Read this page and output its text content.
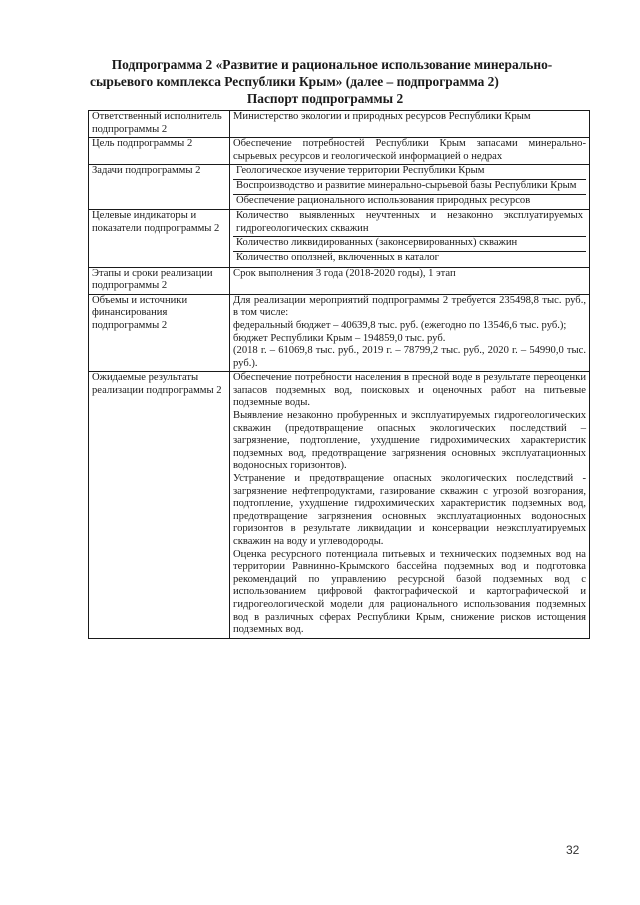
Подпрограмма 2 «Развитие и рациональное использование минерально-
сырьевого комплекса Республики Крым» (далее – подпрограмма 2)
Паспорт подпрограммы 2
Ответственный исполнитель подпрограммы 2	Министерство экологии и природных ресурсов Республики Крым
Цель подпрограммы 2	Обеспечение потребностей Республики Крым запасами минерально-сырьевых ресурсов и геологической информацией о недрах
Задачи подпрограммы 2	Геологическое изучение территории Республики Крым
Воспроизводство и развитие минерально-сырьевой базы Республики Крым
Обеспечение рационального использования природных ресурсов

Целевые индикаторы и показатели подпрограммы 2	Количество выявленных неучтенных и незаконно эксплуатируемых гидрогеологических скважин
Количество ликвидированных (законсервированных) скважин
Количество оползней, включенных в каталог

Этапы и сроки реализации подпрограммы 2	Срок выполнения 3 года (2018-2020 годы), 1 этап
Объемы и источники финансирования подпрограммы 2	Для реализации мероприятий подпрограммы 2 требуется 235498,8 тыс. руб., в том числе:

федеральный бюджет – 40639,8 тыс. руб. (ежегодно по 13546,6 тыс. руб.);

бюджет Республики Крым – 194859,0 тыс. руб.

(2018 г. – 61069,8 тыс. руб., 2019 г. – 78799,2 тыс. руб., 2020 г. – 54990,0 тыс. руб.).

Ожидаемые результаты реализации подпрограммы 2	Обеспечение потребности населения в пресной воде в результате переоценки запасов подземных вод, поисковых и оценочных работ на питьевые подземные воды.

Выявление незаконно пробуренных и эксплуатируемых гидрогеологических скважин (предотвращение опасных экологических последствий – загрязнение, подтопление, ухудшение гидрохимических характеристик подземных вод, предотвращение загрязнения основных эксплуатационных водоносных горизонтов).

Устранение и предотвращение опасных экологических последствий - загрязнение нефтепродуктами, газирование скважин с угрозой возгорания, подтопление, ухудшение гидрохимических характеристик подземных вод, предотвращение загрязнения основных эксплуатационных водоносных горизонтов в результате ликвидации и консервации неэксплуатируемых скважин на воду и углеводороды.

Оценка ресурсного потенциала питьевых и технических подземных вод на территории Равнинно-Крымского бассейна подземных вод и подготовка рекомендаций по управлению ресурсной базой подземных вод с использованием цифровой фактографической и картографической и гидрогеологической модели для рационального использования подземных вод в различных сферах Республики Крым, снижение рисков истощения подземных вод.

32
